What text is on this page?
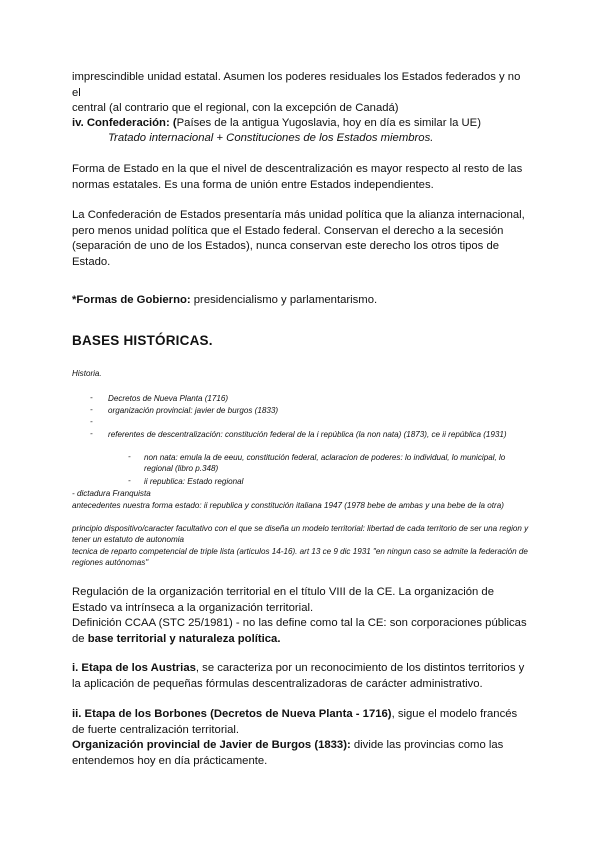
imprescindible unidad estatal. Asumen los poderes residuales los Estados federados y no el
central (al contrario que el regional, con la excepción de Canadá)

iv. Confederación: (Países de la antigua Yugoslavia, hoy en día es similar la UE)

Tratado internacional + Constituciones de los Estados miembros.

Forma de Estado en la que el nivel de descentralización es mayor respecto al resto de las normas estatales. Es una forma de unión entre Estados independientes.

La Confederación de Estados presentaría más unidad política que la alianza internacional, pero menos unidad política que el Estado federal. Conservan el derecho a la secesión (separación de uno de los Estados), nunca conservan este derecho los otros tipos de Estado.

*Formas de Gobierno: presidencialismo y parlamentarismo.

BASES HISTÓRICAS.

Historia.

- Decretos de Nueva Planta (1716)
- organización provincial: javier de burgos (1833)
-
- referentes de descentralización: constitución federal de la i república (la non nata) (1873), ce ii república (1931)
- non nata: emula la de eeuu, constitución federal, aclaracion de poderes: lo individual, lo municipal, lo regional (libro p.348)
- ii republica: Estado regional
- dictadura Franquista
antecedentes nuestra forma estado: ii republica y constitución italiana 1947 (1978 bebe de ambas y una bebe de la otra)
principio dispositivo/caracter facultativo con el que se diseña un modelo territorial: libertad de cada territorio de ser una region y tener un estatuto de autonomia
tecnica de reparto competencial de triple lista (articulos 14-16). art 13 ce 9 dic 1931 "en ningun caso se admite la federación de regiones autónomas"

Regulación de la organización territorial en el título VIII de la CE. La organización de Estado va intrínseca a la organización territorial.
Definición CCAA (STC 25/1981) - no las define como tal la CE: son corporaciones públicas de base territorial y naturaleza política.

i. Etapa de los Austrias, se caracteriza por un reconocimiento de los distintos territorios y la aplicación de pequeñas fórmulas descentralizadoras de carácter administrativo.

ii. Etapa de los Borbones (Decretos de Nueva Planta - 1716), sigue el modelo francés de fuerte centralización territorial.
Organización provincial de Javier de Burgos (1833): divide las provincias como las entendemos hoy en día prácticamente.
